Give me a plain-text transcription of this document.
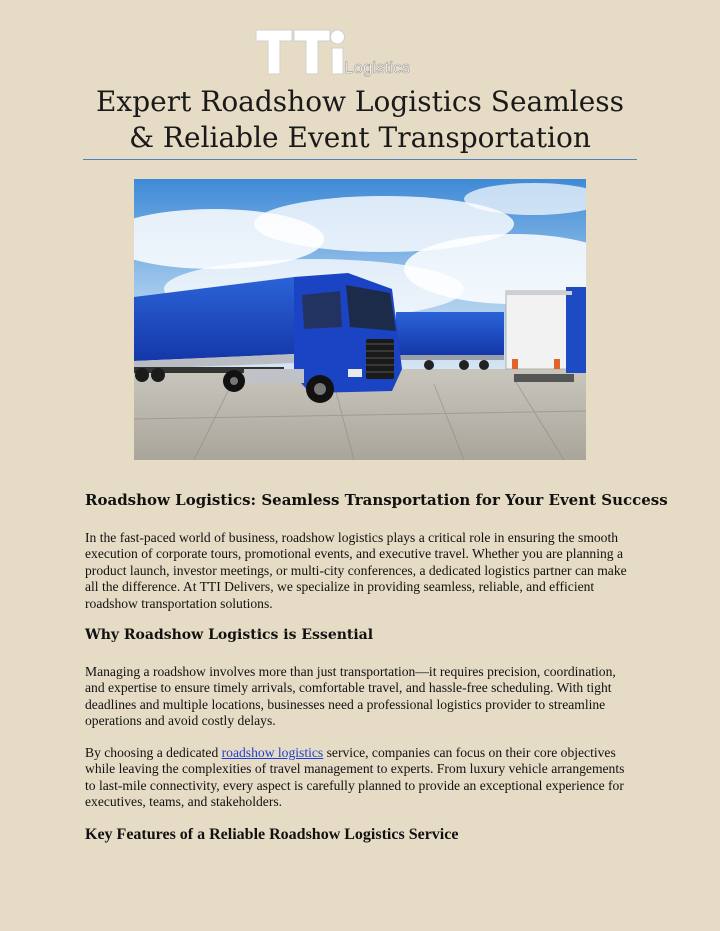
Logistics
Expert Roadshow Logistics Seamless & Reliable Event Transportation
Roadshow Logistics: Seamless Transportation for Your Event Success

In the fast-paced world of business, roadshow logistics plays a critical role in ensuring the smooth execution of corporate tours, promotional events, and executive travel. Whether you are planning a product launch, investor meetings, or multi-city conferences, a dedicated logistics partner can make all the difference. At TTI Delivers, we specialize in providing seamless, reliable, and efficient roadshow transportation solutions.

Why Roadshow Logistics is Essential

Managing a roadshow involves more than just transportation—it requires precision, coordination, and expertise to ensure timely arrivals, comfortable travel, and hassle-free scheduling. With tight deadlines and multiple locations, businesses need a professional logistics provider to streamline operations and avoid costly delays.

By choosing a dedicated roadshow logistics service, companies can focus on their core objectives while leaving the complexities of travel management to experts. From luxury vehicle arrangements to last-mile connectivity, every aspect is carefully planned to provide an exceptional experience for executives, teams, and stakeholders.

Key Features of a Reliable Roadshow Logistics Service
